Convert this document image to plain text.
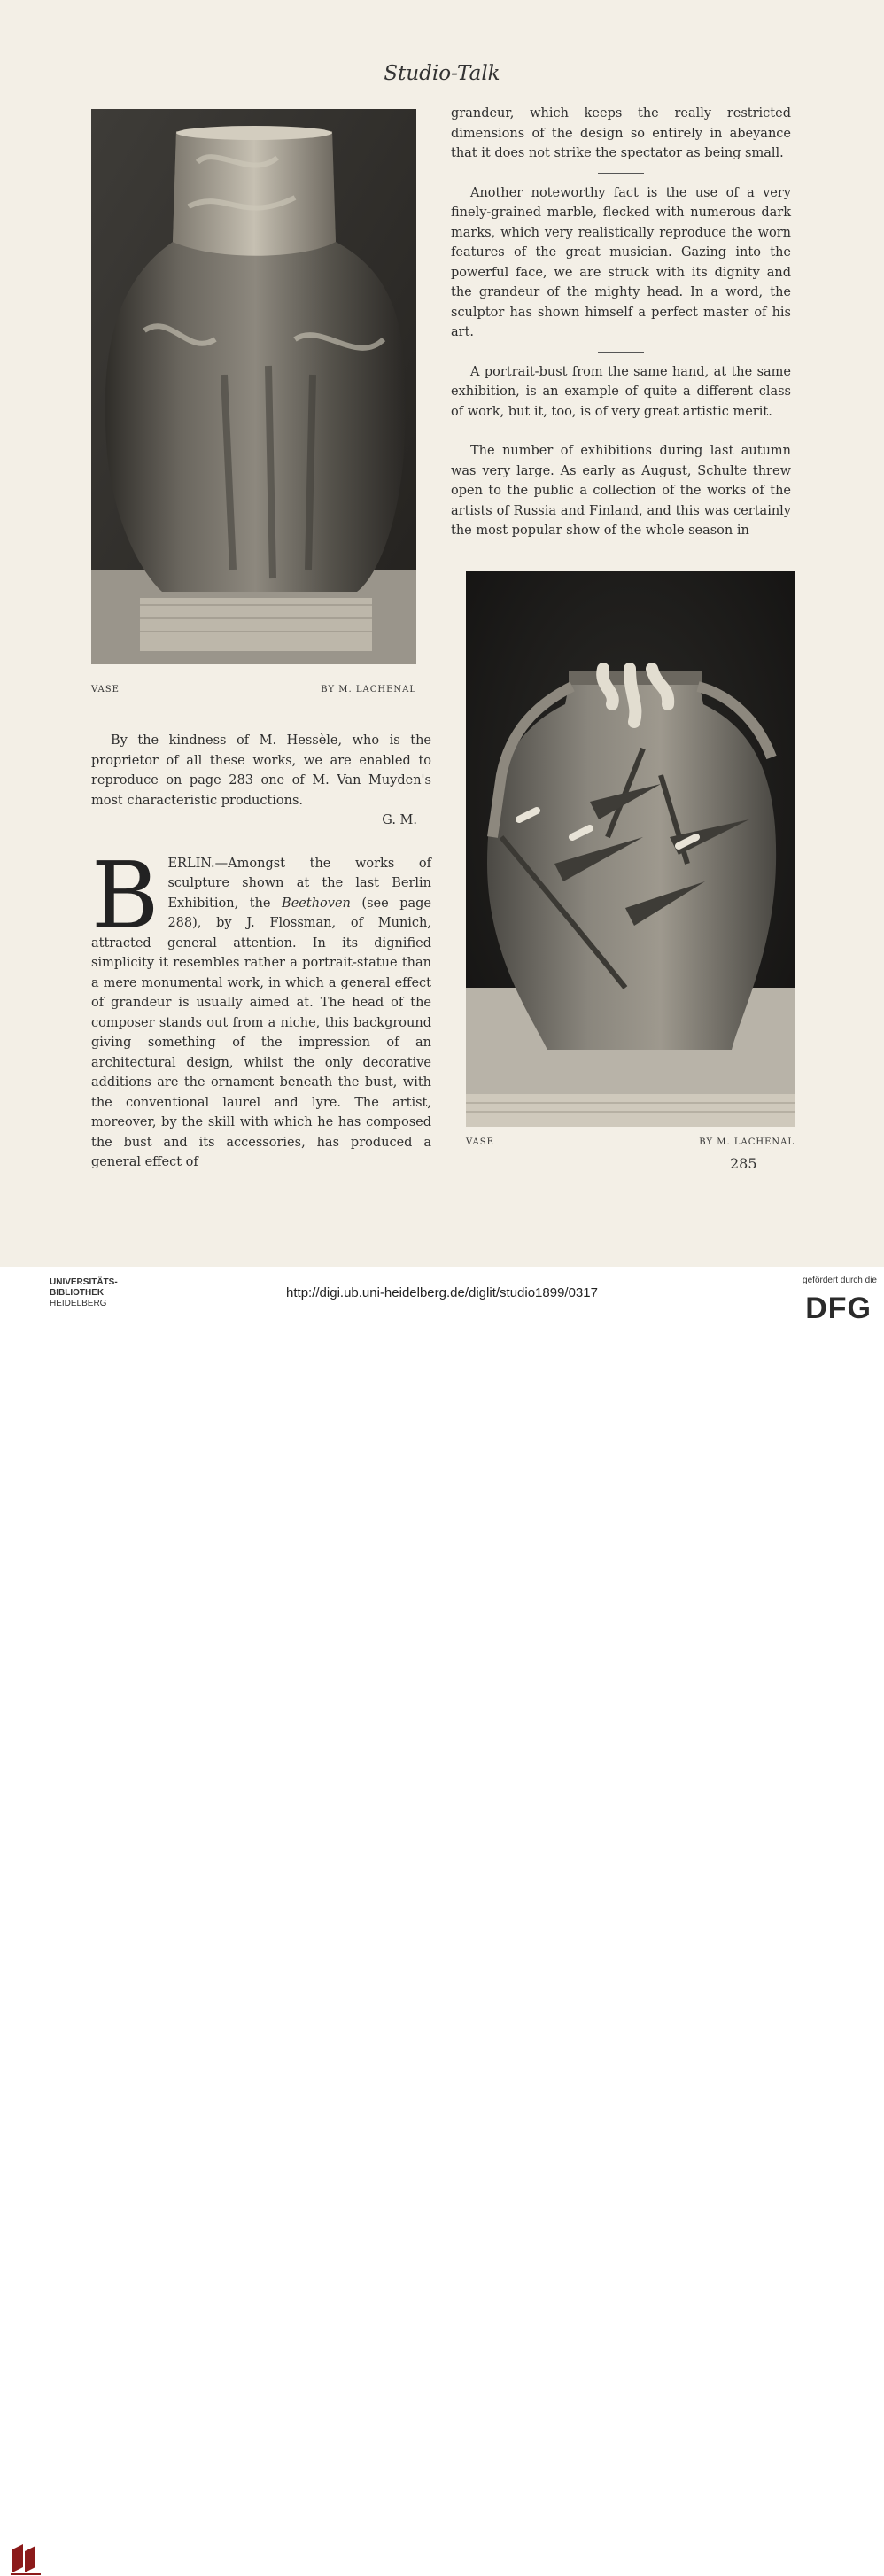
Studio-Talk
VASE	BY M. LACHENAL

grandeur, which keeps the really restricted dimensions of the design so entirely in abeyance that it does not strike the spectator as being small.

Another noteworthy fact is the use of a very finely-grained marble, flecked with numerous dark marks, which very realistically reproduce the worn features of the great musician. Gazing into the powerful face, we are struck with its dignity and the grandeur of the mighty head. In a word, the sculptor has shown himself a perfect master of his art.

A portrait-bust from the same hand, at the same exhibition, is an example of quite a different class of work, but it, too, is of very great artistic merit.

The number of exhibitions during last autumn was very large. As early as August, Schulte threw open to the public a collection of the works of the artists of Russia and Finland, and this was certainly the most popular show of the whole season in

VASE	BY M. LACHENAL

By the kindness of M. Hessèle, who is the proprietor of all these works, we are enabled to reproduce on page 283 one of M. Van Muyden's most characteristic productions.

G. M.

BERLIN.—Amongst the works of sculpture shown at the last Berlin Exhibition, the Beethoven (see page 288), by J. Flossman, of Munich, attracted general attention. In its dignified simplicity it resembles rather a portrait-statue than a mere monumental work, in which a general effect of grandeur is usually aimed at. The head of the composer stands out from a niche, this background giving something of the impression of an architectural design, whilst the only decorative additions are the ornament beneath the bust, with the conventional laurel and lyre. The artist, moreover, by the skill with which he has composed the bust and its accessories, has produced a general effect of	285
UNIVERSITÄTS-
BIBLIOTHEK
HEIDELBERG
http://digi.ub.uni-heidelberg.de/diglit/studio1899/0317
gefördert durch die
DFG
